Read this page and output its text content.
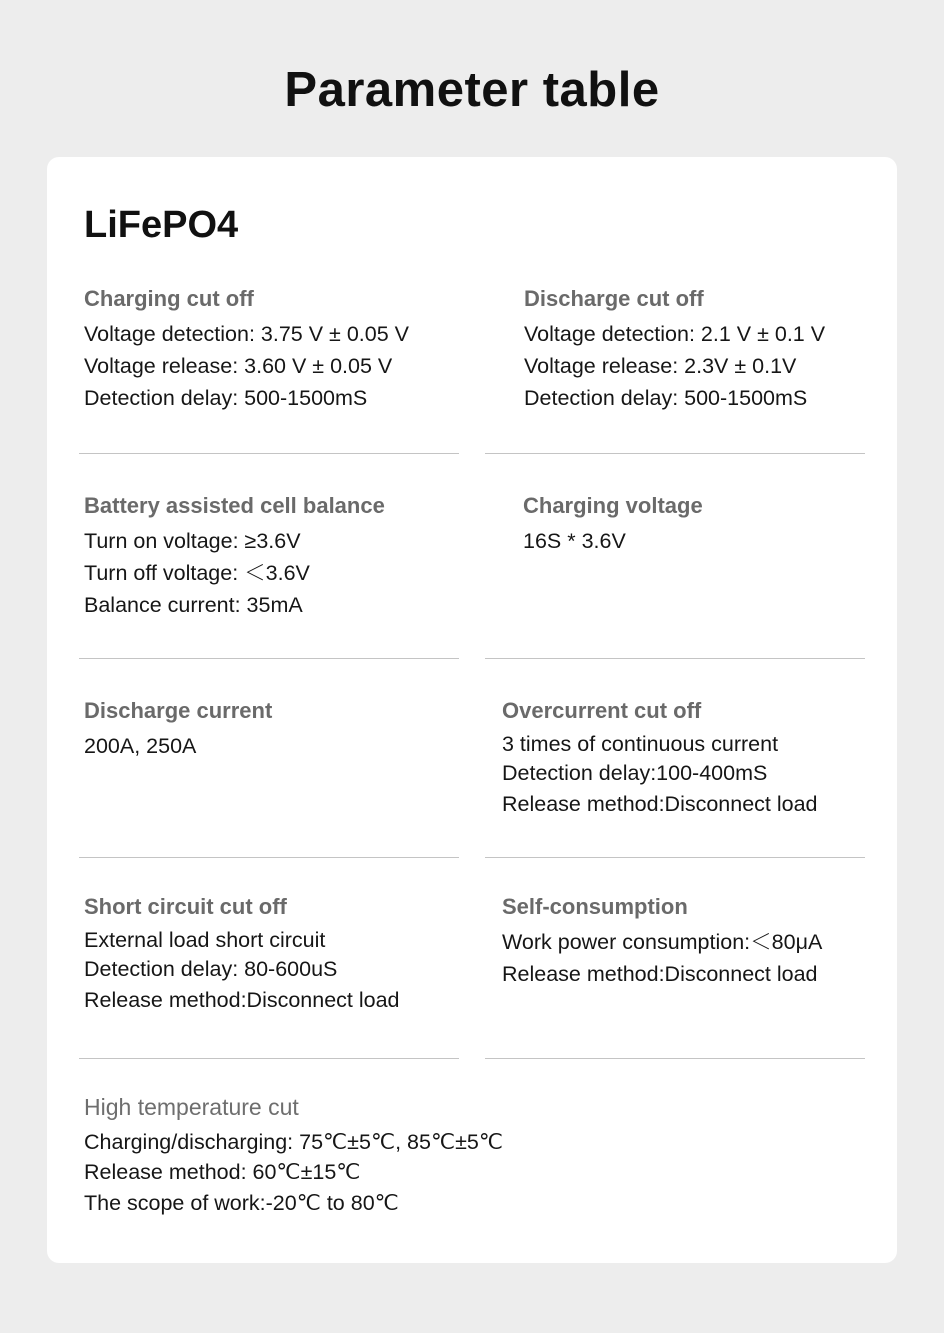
Parameter table
LiFePO4
Charging cut off
Voltage detection: 3.75 V ± 0.05 V
Voltage release: 3.60 V ± 0.05 V
Detection delay: 500-1500mS
Discharge cut off
Voltage detection: 2.1 V ± 0.1 V
Voltage release: 2.3V ± 0.1V
Detection delay: 500-1500mS
Battery assisted cell balance
Turn on voltage: ≥3.6V
Turn off voltage: ＜3.6V
Balance current: 35mA
Charging voltage
16S * 3.6V
Discharge current
200A, 250A
Overcurrent cut off
3 times of continuous current
Detection delay:100-400mS
Release method:Disconnect load
Short circuit cut off
External load short circuit
Detection delay: 80-600uS
Release method:Disconnect load
Self-consumption
Work power consumption:＜80μA
Release method:Disconnect load
High temperature cut
Charging/discharging: 75℃±5℃, 85℃±5℃
Release method: 60℃±15℃
The scope of work:-20℃ to 80℃
